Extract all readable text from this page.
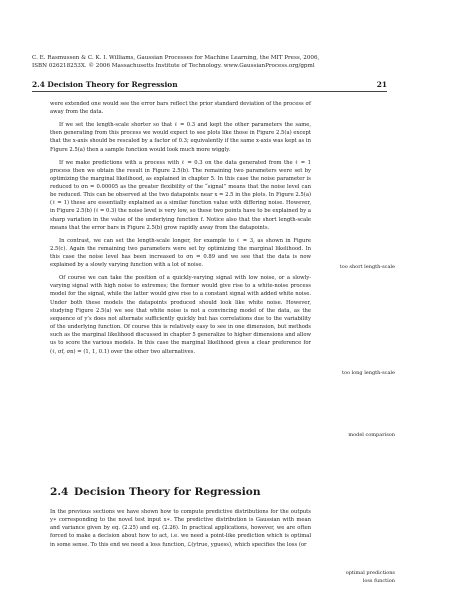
C. E. Rasmussen & C. K. I. Williams, Gaussian Processes for Machine Learning, the MIT Press, 2006,
ISBN 026218253X. © 2006 Massachusetts Institute of Technology. www.GaussianProcess.org/gpml
2.4 Decision Theory for Regression	21

were extended one would see the error bars reflect the prior standard deviation of the process σf away from the data.

If we set the length-scale shorter so that ℓ = 0.3 and kept the other parameters the same, then generating from this process we would expect to see plots like those in Figure 2.5(a) except that the x-axis should be rescaled by a factor of 0.3; equivalently if the same x-axis was kept as in Figure 2.5(a) then a sample function would look much more wiggly.

If we make predictions with a process with ℓ = 0.3 on the data generated from the ℓ = 1 process then we obtain the result in Figure 2.5(b). The remaining two parameters were set by optimizing the marginal likelihood, as explained in chapter 5. In this case the noise parameter is reduced to σn = 0.00005 as the greater flexibility of the “signal” means that the noise level can be reduced. This can be observed at the two datapoints near x = 2.5 in the plots. In Figure 2.5(a) (ℓ = 1) these are essentially explained as a similar function value with differing noise. However, in Figure 2.5(b) (ℓ = 0.3) the noise level is very low, so these two points have to be explained by a sharp variation in the value of the underlying function f. Notice also that the short length-scale means that the error bars in Figure 2.5(b) grow rapidly away from the datapoints.

In contrast, we can set the length-scale longer, for example to ℓ = 3, as shown in Figure 2.5(c). Again the remaining two parameters were set by optimizing the marginal likelihood. In this case the noise level has been increased to σn = 0.89 and we see that the data is now explained by a slowly varying function with a lot of noise.

Of course we can take the position of a quickly-varying signal with low noise, or a slowly-varying signal with high noise to extremes; the former would give rise to a white-noise process model for the signal, while the latter would give rise to a constant signal with added white noise. Under both these models the datapoints produced should look like white noise. However, studying Figure 2.5(a) we see that white noise is not a convincing model of the data, as the sequence of y’s does not alternate sufficiently quickly but has correlations due to the variability of the underlying function. Of course this is relatively easy to see in one dimension, but methods such as the marginal likelihood discussed in chapter 5 generalize to higher dimensions and allow us to score the various models. In this case the marginal likelihood gives a clear preference for (ℓ, σf, σn) = (1, 1, 0.1) over the other two alternatives.

2.4 Decision Theory for Regression

In the previous sections we have shown how to compute predictive distributions for the outputs y∗ corresponding to the novel test input x∗. The predictive distribution is Gaussian with mean and variance given by eq. (2.25) and eq. (2.26). In practical applications, however, we are often forced to make a decision about how to act, i.e. we need a point-like prediction which is optimal in some sense. To this end we need a loss function, ℒ(ytrue, yguess), which specifies the loss (or

too short length-scale
too long length-scale
model comparison
optimal predictions
loss function
